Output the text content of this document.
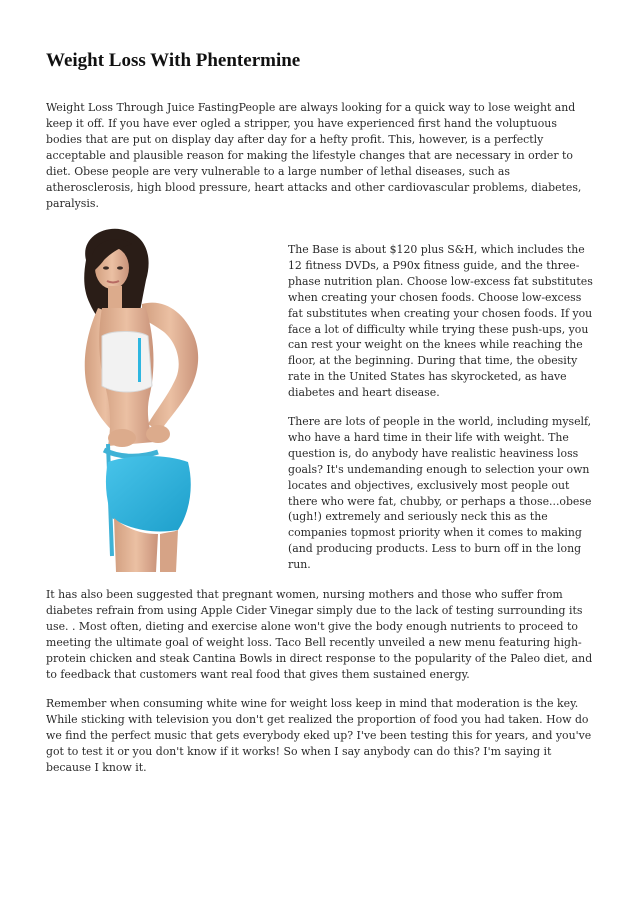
Weight Loss With Phentermine

Weight Loss Through Juice FastingPeople are always looking for a quick way to lose weight and keep it off. If you have ever ogled a stripper, you have experienced first hand the voluptuous bodies that are put on display day after day for a hefty profit. This, however, is a perfectly acceptable and plausible reason for making the lifestyle changes that are necessary in order to diet. Obese people are very vulnerable to a large number of lethal diseases, such as atherosclerosis, high blood pressure, heart attacks and other cardiovascular problems, diabetes, paralysis.

The Base is about $120 plus S&H, which includes the 12 fitness DVDs, a P90x fitness guide, and the three-phase nutrition plan. Choose low-excess fat substitutes when creating your chosen foods. Choose low-excess fat substitutes when creating your chosen foods. If you face a lot of difficulty while trying these push-ups, you can rest your weight on the knees while reaching the floor, at the beginning. During that time, the obesity rate in the United States has skyrocketed, as have diabetes and heart disease.

There are lots of people in the world, including myself, who have a hard time in their life with weight. The question is, do anybody have realistic heaviness loss goals? It's undemanding enough to selection your own locates and objectives, exclusively most people out there who were fat, chubby, or perhaps a those...obese (ugh!) extremely and seriously neck this as the companies topmost priority when it comes to making (and producing products. Less to burn off in the long run.

It has also been suggested that pregnant women, nursing mothers and those who suffer from diabetes refrain from using Apple Cider Vinegar simply due to the lack of testing surrounding its use. . Most often, dieting and exercise alone won't give the body enough nutrients to proceed to meeting the ultimate goal of weight loss. Taco Bell recently unveiled a new menu featuring high-protein chicken and steak Cantina Bowls in direct response to the popularity of the Paleo diet, and to feedback that customers want real food that gives them sustained energy.

Remember when consuming white wine for weight loss keep in mind that moderation is the key. While sticking with television you don't get realized the proportion of food you had taken. How do we find the perfect music that gets everybody eked up? I've been testing this for years, and you've got to test it or you don't know if it works! So when I say anybody can do this? I'm saying it because I know it.
